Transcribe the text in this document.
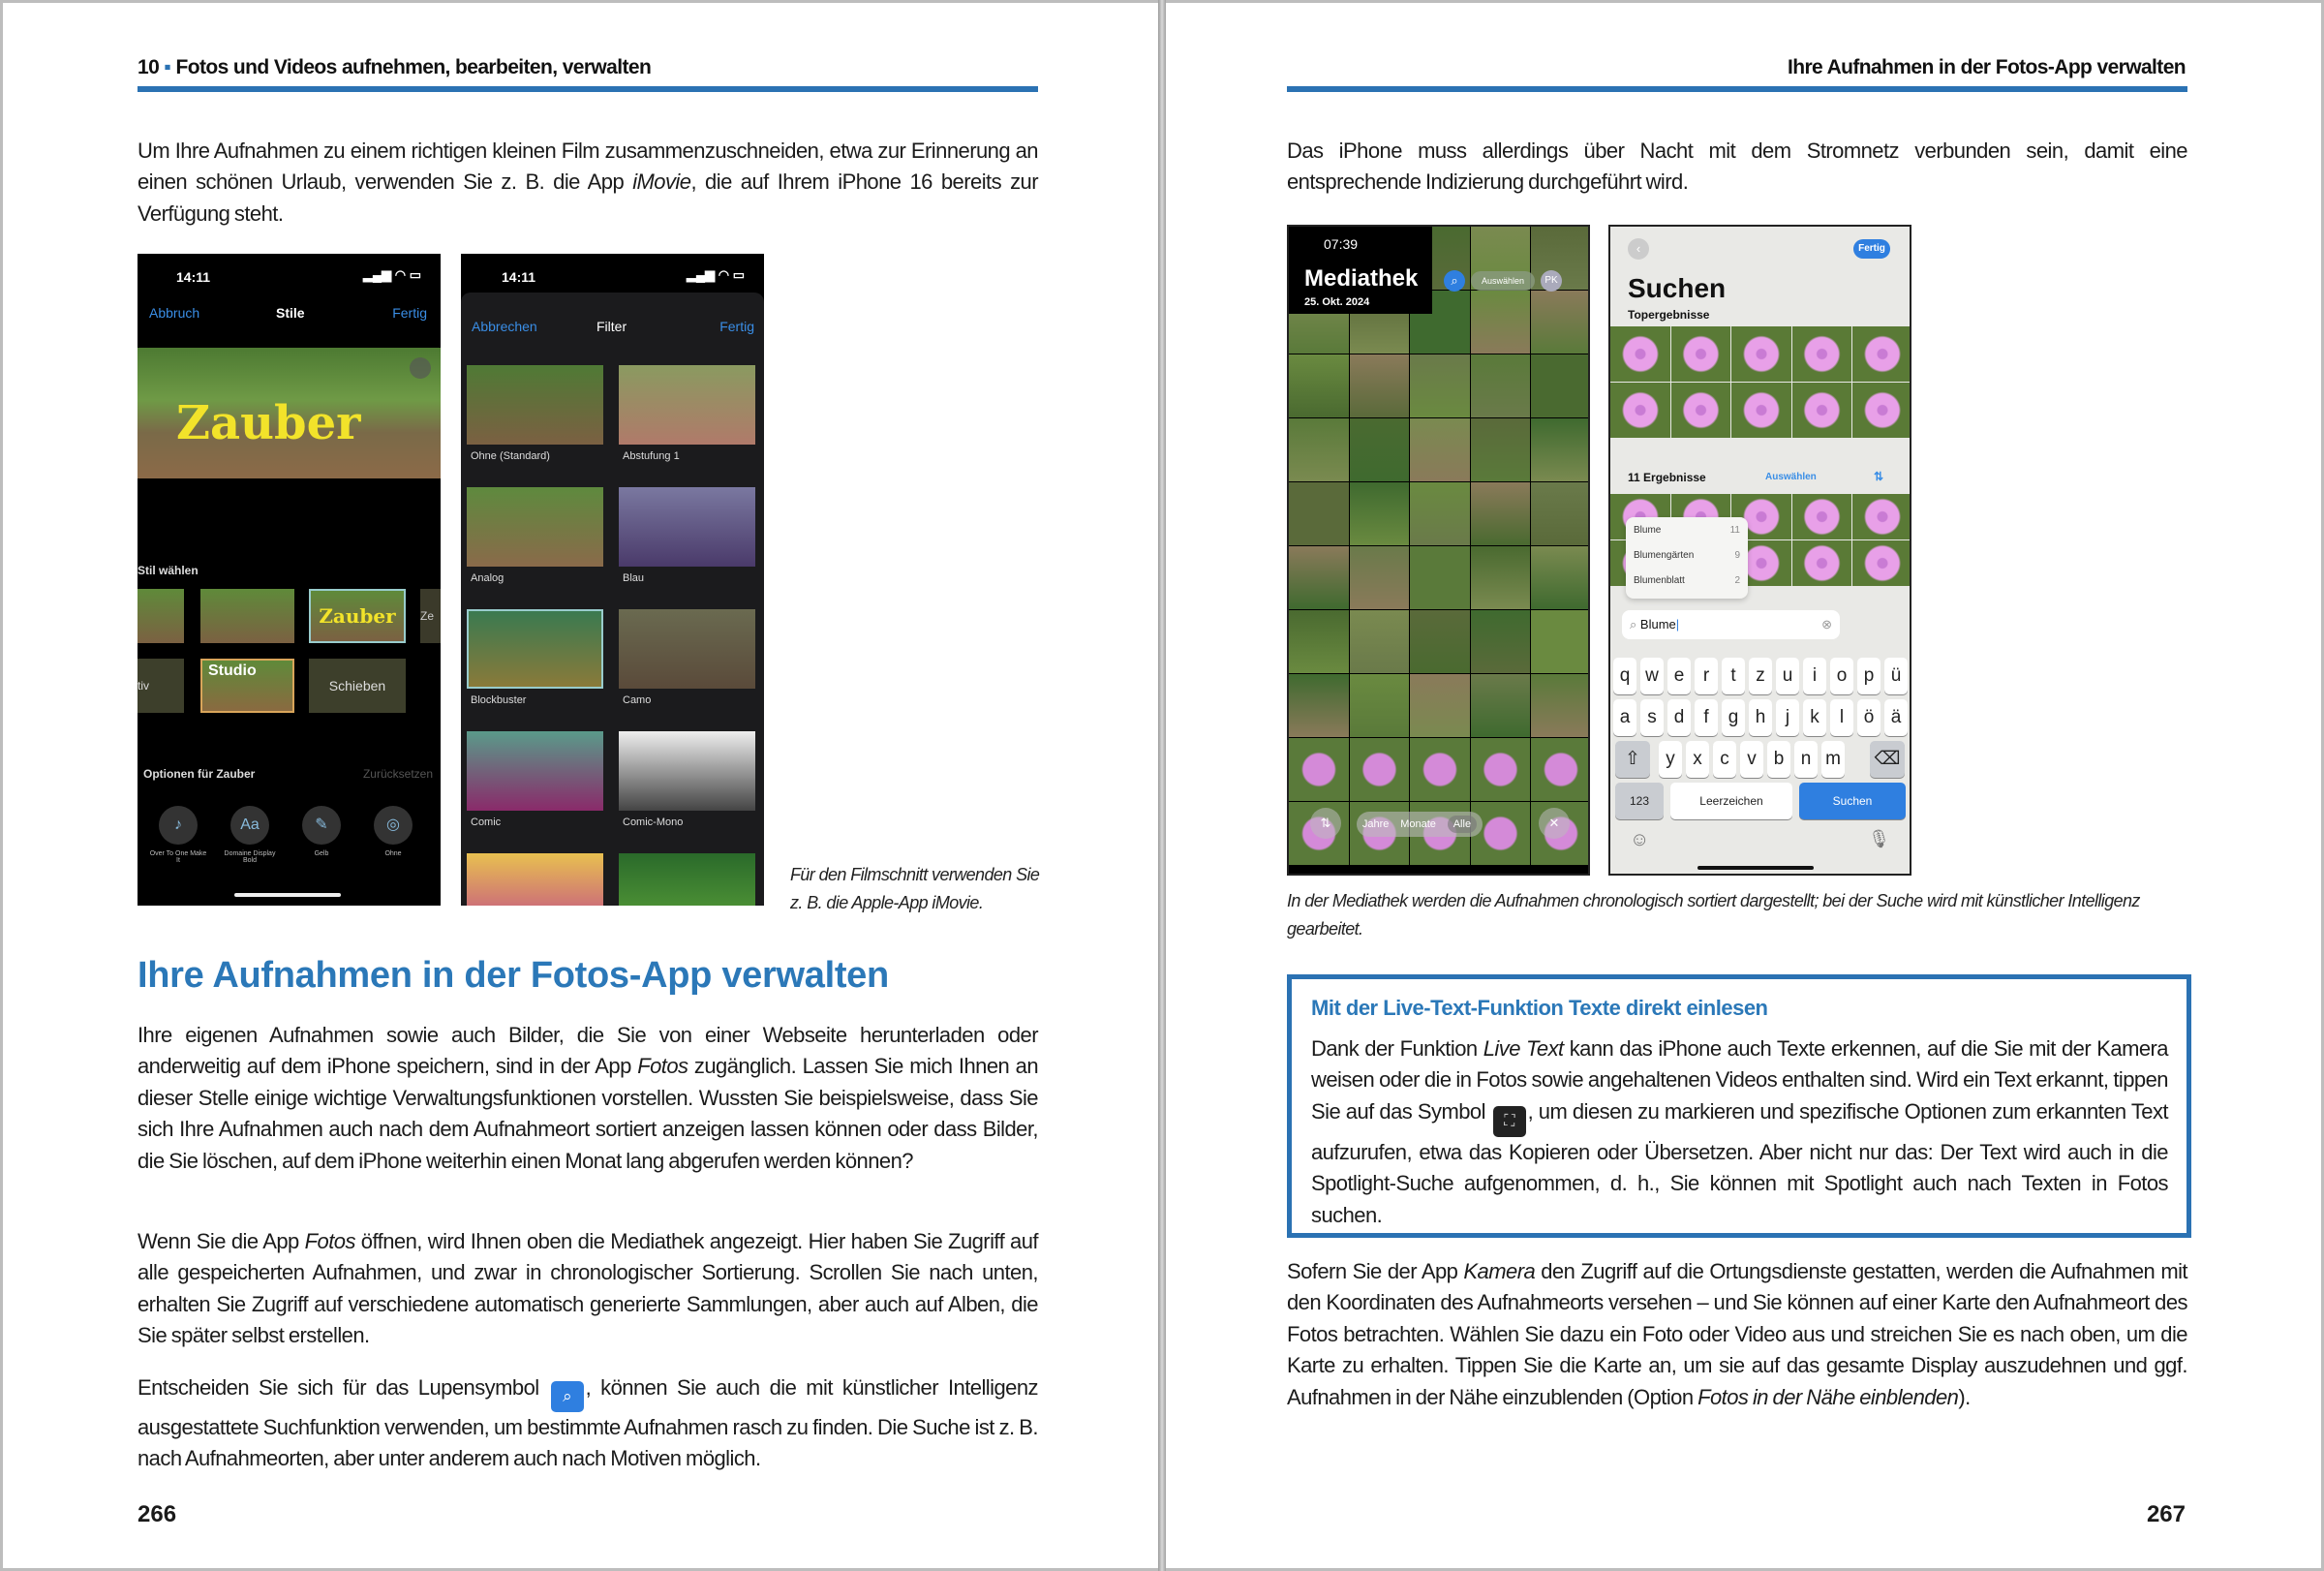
10 ▪ Fotos und Videos aufnehmen, bearbeiten, verwalten

Um Ihre Aufnahmen zu einem richtigen kleinen Film zusammenzuschneiden, etwa zur Erinnerung an einen schönen Urlaub, verwenden Sie z. B. die App iMovie, die auf Ihrem iPhone 16 bereits zur Verfügung steht.

14:11	▂▄▆ ◠ ▭
Abbruch	Stile	Fertig
Zauber
Stil wählen
Zauber	Ze
tiv
Studio
Schieben
Optionen für Zauber	Zurücksetzen
♪
Over To One Make It
Aa
Domaine Display Bold
✎
Gelb
◎
Ohne
14:11	▂▄▆ ◠ ▭
Abbrechen	Filter	Fertig
Ohne (Standard)	Abstufung 1
Analog	Blau
Blockbuster	Camo
Comic	Comic-Mono
Für den Filmschnitt verwenden Sie z. B. die Apple-App iMovie.
Ihre Aufnahmen in der Fotos-App verwalten

Ihre eigenen Aufnahmen sowie auch Bilder, die Sie von einer Webseite herunterladen oder anderweitig auf dem iPhone speichern, sind in der App Fotos zugänglich. Lassen Sie mich Ihnen an dieser Stelle einige wichtige Verwaltungsfunktionen vorstellen. Wussten Sie beispielsweise, dass Sie sich Ihre Aufnahmen auch nach dem Aufnahmeort sortiert anzeigen lassen können oder dass Bilder, die Sie löschen, auf dem iPhone weiterhin einen Monat lang abgerufen werden können?

Wenn Sie die App Fotos öffnen, wird Ihnen oben die Mediathek angezeigt. Hier haben Sie Zugriff auf alle gespeicherten Aufnahmen, und zwar in chronologischer Sortierung. Scrollen Sie nach unten, erhalten Sie Zugriff auf verschiedene automatisch generierte Sammlungen, aber auch auf Alben, die Sie später selbst erstellen.

Entscheiden Sie sich für das Lupensymbol ⌕ , können Sie auch die mit künstlicher Intelligenz ausgestattete Suchfunktion verwenden, um bestimmte Aufnahmen rasch zu finden. Die Suche ist z. B. nach Aufnahmeorten, aber unter anderem auch nach Motiven möglich.

266
Ihre Aufnahmen in der Fotos-App verwalten

Das iPhone muss allerdings über Nacht mit dem Stromnetz verbunden sein, damit eine entsprechende Indizierung durchgeführt wird.

07:39
Mediathek
25. Okt. 2024
⌕	Auswählen	PK
⇅	Jahre Monate	Alle	✕
‹	Fertig
Suchen
Topergebnisse
11 Ergebnisse	Auswählen	⇅
Blume	11
Blumengärten	9
Blumenblatt	2
⌕ Blume|	⊗
q w e	r	t	z u	i	o p ü
a s d	f	g h	j	k	l	ö ä
⇧	y x c v b n m ⌫
123	Leerzeichen	Suchen
☺	🎙
In der Mediathek werden die Aufnahmen chronologisch sortiert dargestellt; bei der Suche wird mit künstlicher Intelligenz gearbeitet.
Mit der Live-Text-Funktion Texte direkt einlesen

Dank der Funktion Live Text kann das iPhone auch Texte erkennen, auf die Sie mit der Kamera weisen oder die in Fotos sowie angehaltenen Videos enthalten sind. Wird ein Text erkannt, tippen Sie auf das Symbol ⛶ , um diesen zu markieren und spezifische Optionen zum erkannten Text aufzurufen, etwa das Kopieren oder Übersetzen. Aber nicht nur das: Der Text wird auch in die Spotlight-Suche aufgenommen, d. h., Sie können mit Spotlight auch nach Texten in Fotos suchen.

Sofern Sie der App Kamera den Zugriff auf die Ortungsdienste gestatten, werden die Aufnahmen mit den Koordinaten des Aufnahmeorts versehen – und Sie können auf einer Karte den Aufnahmeort des Fotos betrachten. Wählen Sie dazu ein Foto oder Video aus und streichen Sie es nach oben, um die Karte zu erhalten. Tippen Sie die Karte an, um sie auf das gesamte Display auszudehnen und ggf. Aufnahmen in der Nähe einzublenden (Option Fotos in der Nähe einblenden).

267
